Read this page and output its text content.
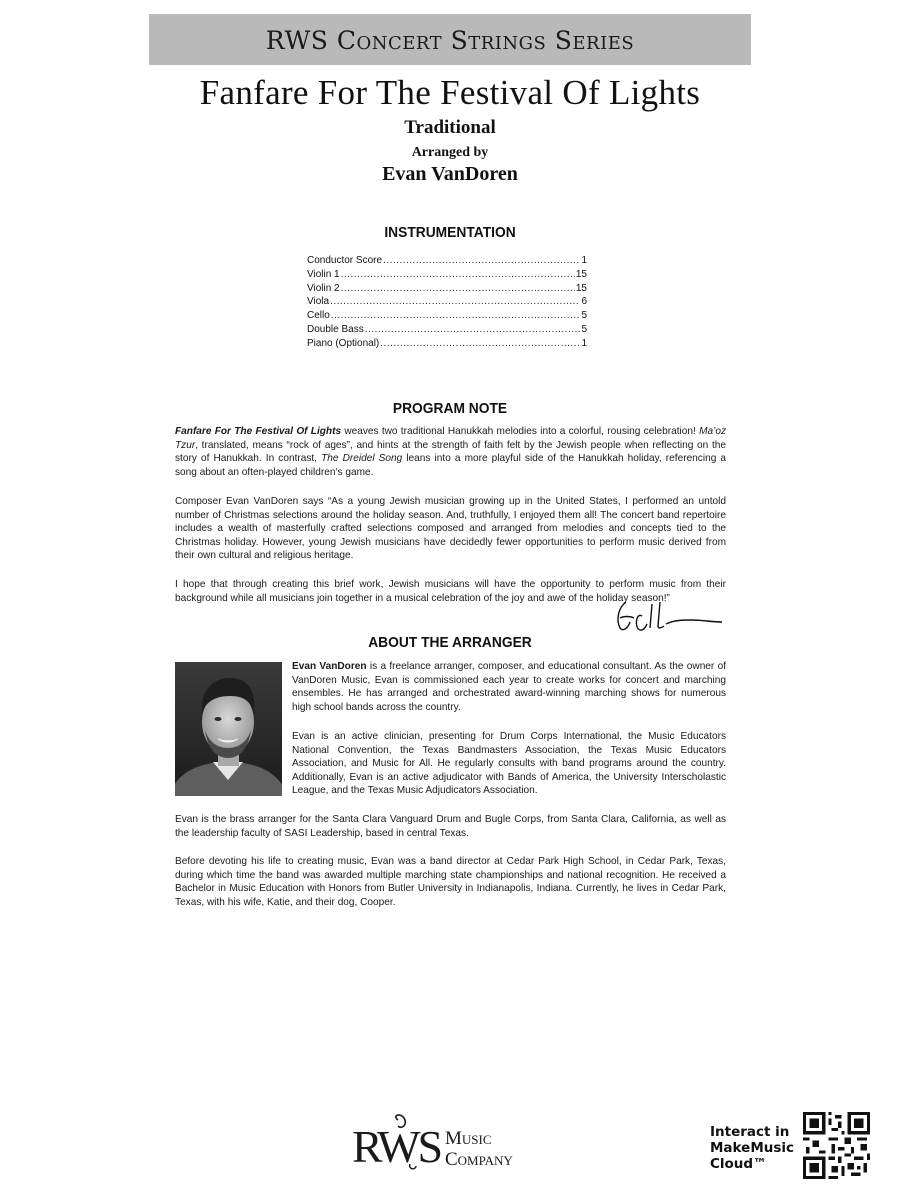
RWS Concert Strings Series
Fanfare For The Festival Of Lights
Traditional
Arranged by
Evan VanDoren
INSTRUMENTATION
Conductor Score .....	1
Violin 1 .....	15
Violin 2 .....	15
Viola .....	6
Cello .....	5
Double Bass .....	5
Piano (Optional) .....	1
PROGRAM NOTE

Fanfare For The Festival Of Lights weaves two traditional Hanukkah melodies into a colorful, rousing celebration! Ma’oz Tzur, translated, means “rock of ages”, and hints at the strength of faith felt by the Jewish people when reflecting on the story of Hanukkah. In contrast, The Dreidel Song leans into a more playful side of the Hanukkah holiday, referencing a song about an often-played children’s game.

Composer Evan VanDoren says “As a young Jewish musician growing up in the United States, I performed an untold number of Christmas selections around the holiday season. And, truthfully, I enjoyed them all! The concert band repertoire includes a wealth of masterfully crafted selections composed and arranged from melodies and concepts tied to the Christmas holiday. However, young Jewish musicians have decidedly fewer opportunities to perform music derived from their own cultural and religious heritage.

I hope that through creating this brief work, Jewish musicians will have the opportunity to perform music from their background while all musicians join together in a musical celebration of the joy and awe of the holiday season!”

ABOUT THE ARRANGER

Evan VanDoren is a freelance arranger, composer, and educational consultant. As the owner of VanDoren Music, Evan is commissioned each year to create works for concert and marching ensembles. He has arranged and orchestrated award-winning marching shows for numerous high school bands across the country.

Evan is an active clinician, presenting for Drum Corps International, the Music Educators National Convention, the Texas Bandmasters Association, the Texas Music Educators Association, and Music for All. He regularly consults with band programs around the country. Additionally, Evan is an active adjudicator with Bands of America, the University Interscholastic League, and the Texas Music Adjudicators Association.

Evan is the brass arranger for the Santa Clara Vanguard Drum and Bugle Corps, from Santa Clara, California, as well as the leadership faculty of SASI Leadership, based in central Texas.

Before devoting his life to creating music, Evan was a band director at Cedar Park High School, in Cedar Park, Texas, during which time the band was awarded multiple marching state championships and national recognition. He received a Bachelor in Music Education with Honors from Butler University in Indianapolis, Indiana. Currently, he lives in Cedar Park, Texas, with his wife, Katie, and their dog, Cooper.

RWS Music
Company
Interact in
MakeMusic
Cloud™
